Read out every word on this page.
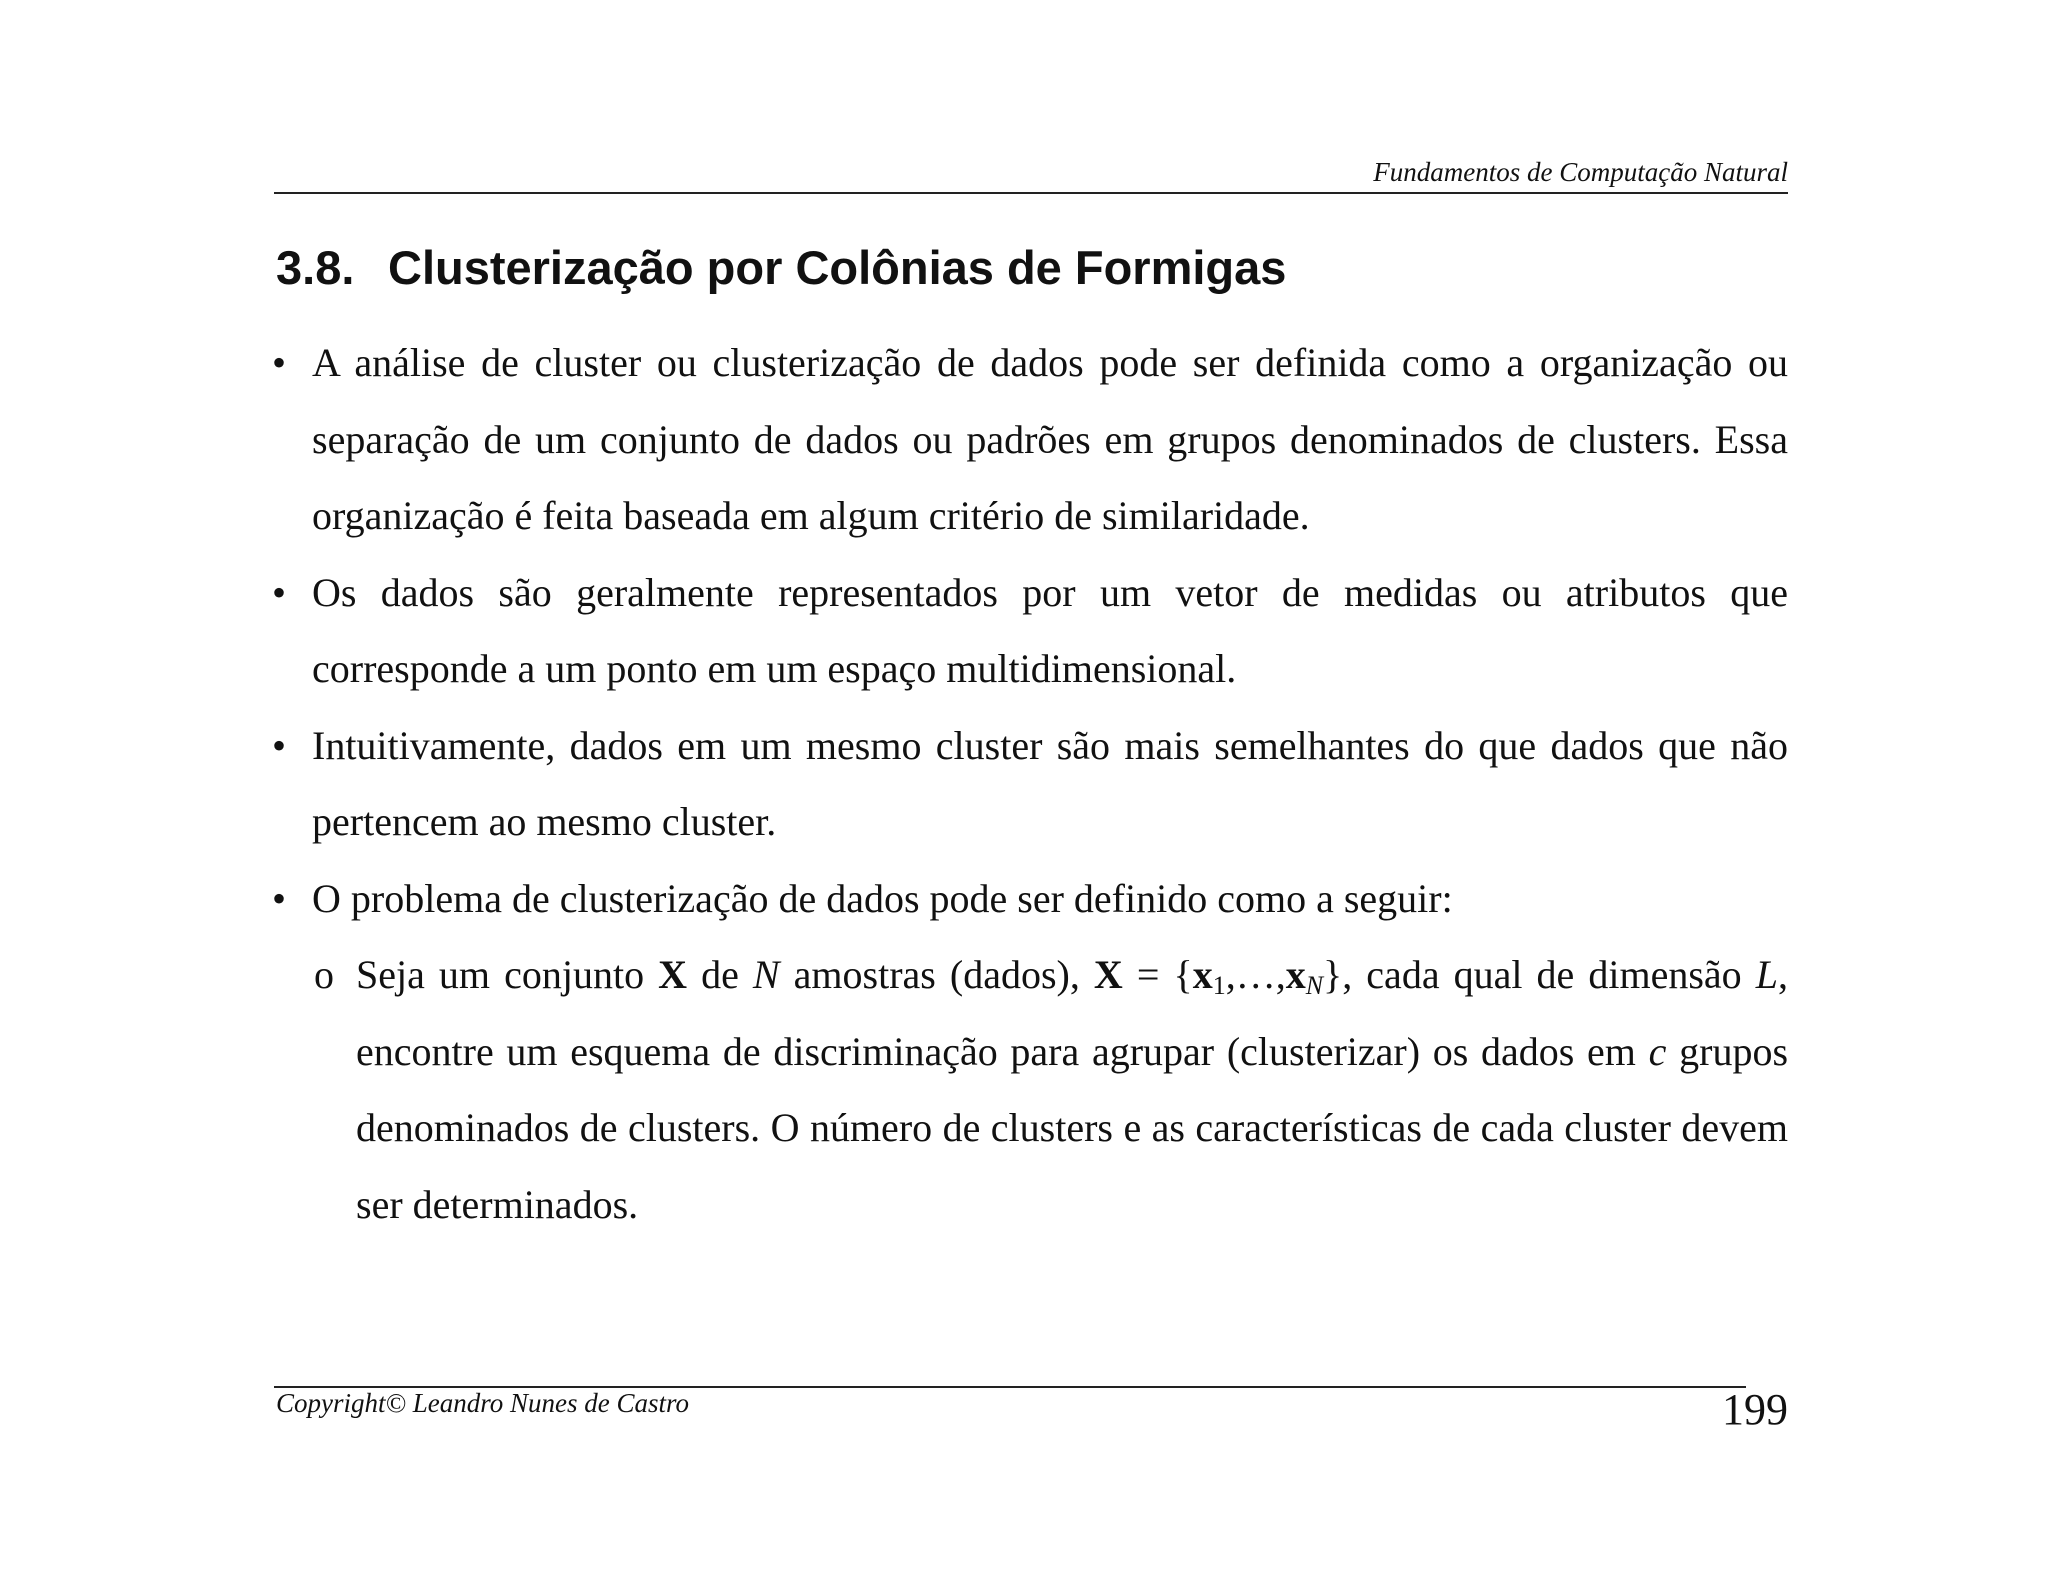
Fundamentos de Computação Natural
3.8. Clusterização por Colônias de Formigas
• A análise de cluster ou clusterização de dados pode ser definida como a organização ou separação de um conjunto de dados ou padrões em grupos denominados de clusters. Essa organização é feita baseada em algum critério de similaridade.
• Os dados são geralmente representados por um vetor de medidas ou atributos que corresponde a um ponto em um espaço multidimensional.
• Intuitivamente, dados em um mesmo cluster são mais semelhantes do que dados que não pertencem ao mesmo cluster.
• O problema de clusterização de dados pode ser definido como a seguir:
o Seja um conjunto X de N amostras (dados), $X = \{x_1,\dots,x_N\}$, cada qual de dimensão L, encontre um esquema de discriminação para agrupar (clusterizar) os dados em c grupos denominados de clusters. O número de clusters e as características de cada cluster devem ser determinados.
Copyright© Leandro Nunes de Castro	199
